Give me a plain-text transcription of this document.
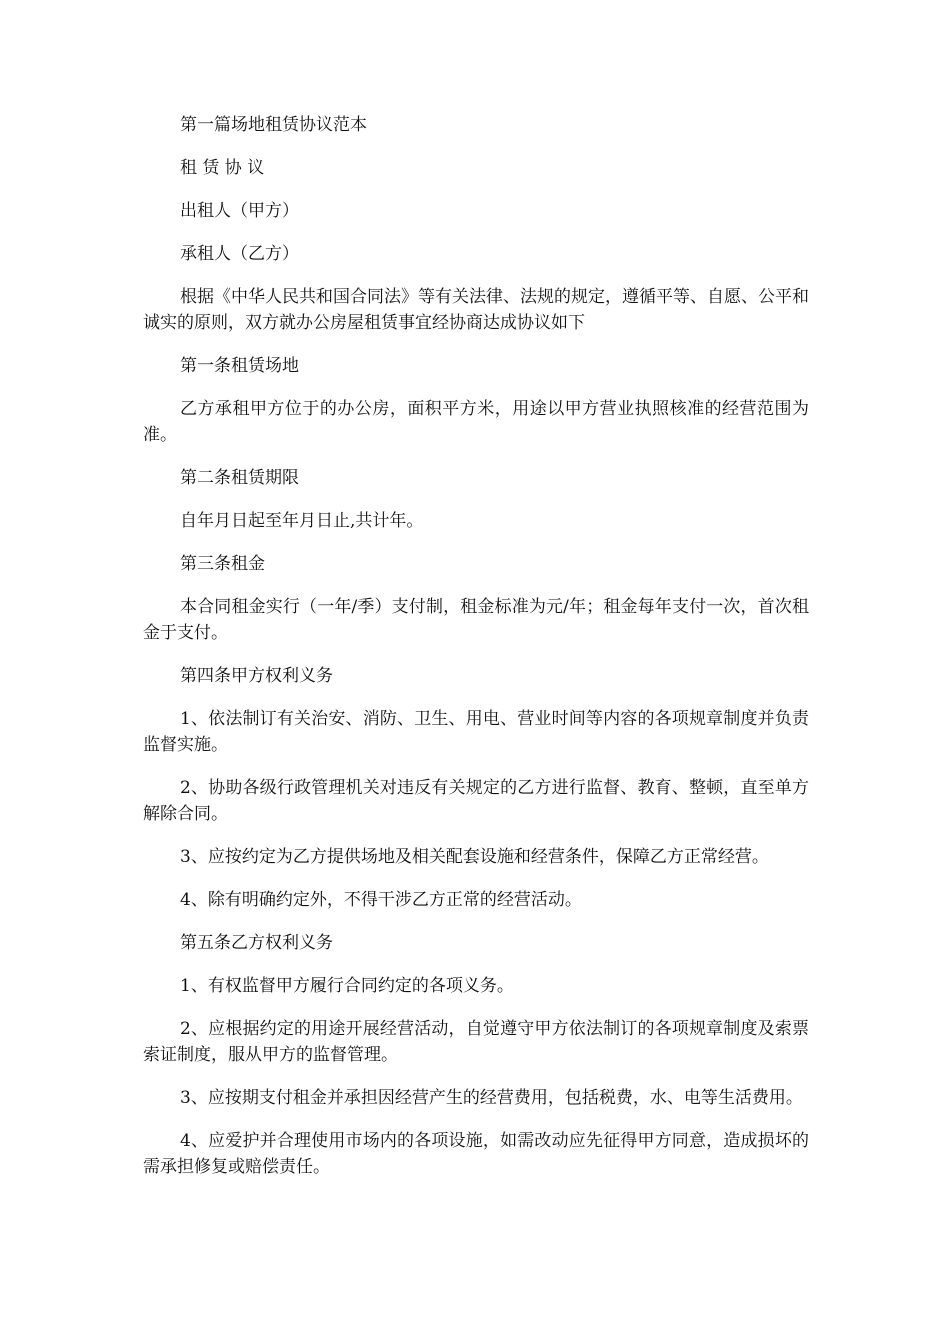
第一篇场地租赁协议范本

租 赁 协 议

出租人（甲方）

承租人（乙方）

根据《中华人民共和国合同法》等有关法律、法规的规定，遵循平等、自愿、公平和诚实的原则，双方就办公房屋租赁事宜经协商达成协议如下

第一条租赁场地

乙方承租甲方位于的办公房，面积平方米，用途以甲方营业执照核准的经营范围为准。

第二条租赁期限

自年月日起至年月日止,共计年。

第三条租金

本合同租金实行（一年/季）支付制，租金标准为元/年；租金每年支付一次，首次租金于支付。

第四条甲方权利义务

1、依法制订有关治安、消防、卫生、用电、营业时间等内容的各项规章制度并负责监督实施。

2、协助各级行政管理机关对违反有关规定的乙方进行监督、教育、整顿，直至单方解除合同。

3、应按约定为乙方提供场地及相关配套设施和经营条件，保障乙方正常经营。

4、除有明确约定外，不得干涉乙方正常的经营活动。

第五条乙方权利义务

1、有权监督甲方履行合同约定的各项义务。

2、应根据约定的用途开展经营活动，自觉遵守甲方依法制订的各项规章制度及索票索证制度，服从甲方的监督管理。

3、应按期支付租金并承担因经营产生的经营费用，包括税费，水、电等生活费用。

4、应爱护并合理使用市场内的各项设施，如需改动应先征得甲方同意，造成损坏的需承担修复或赔偿责任。
